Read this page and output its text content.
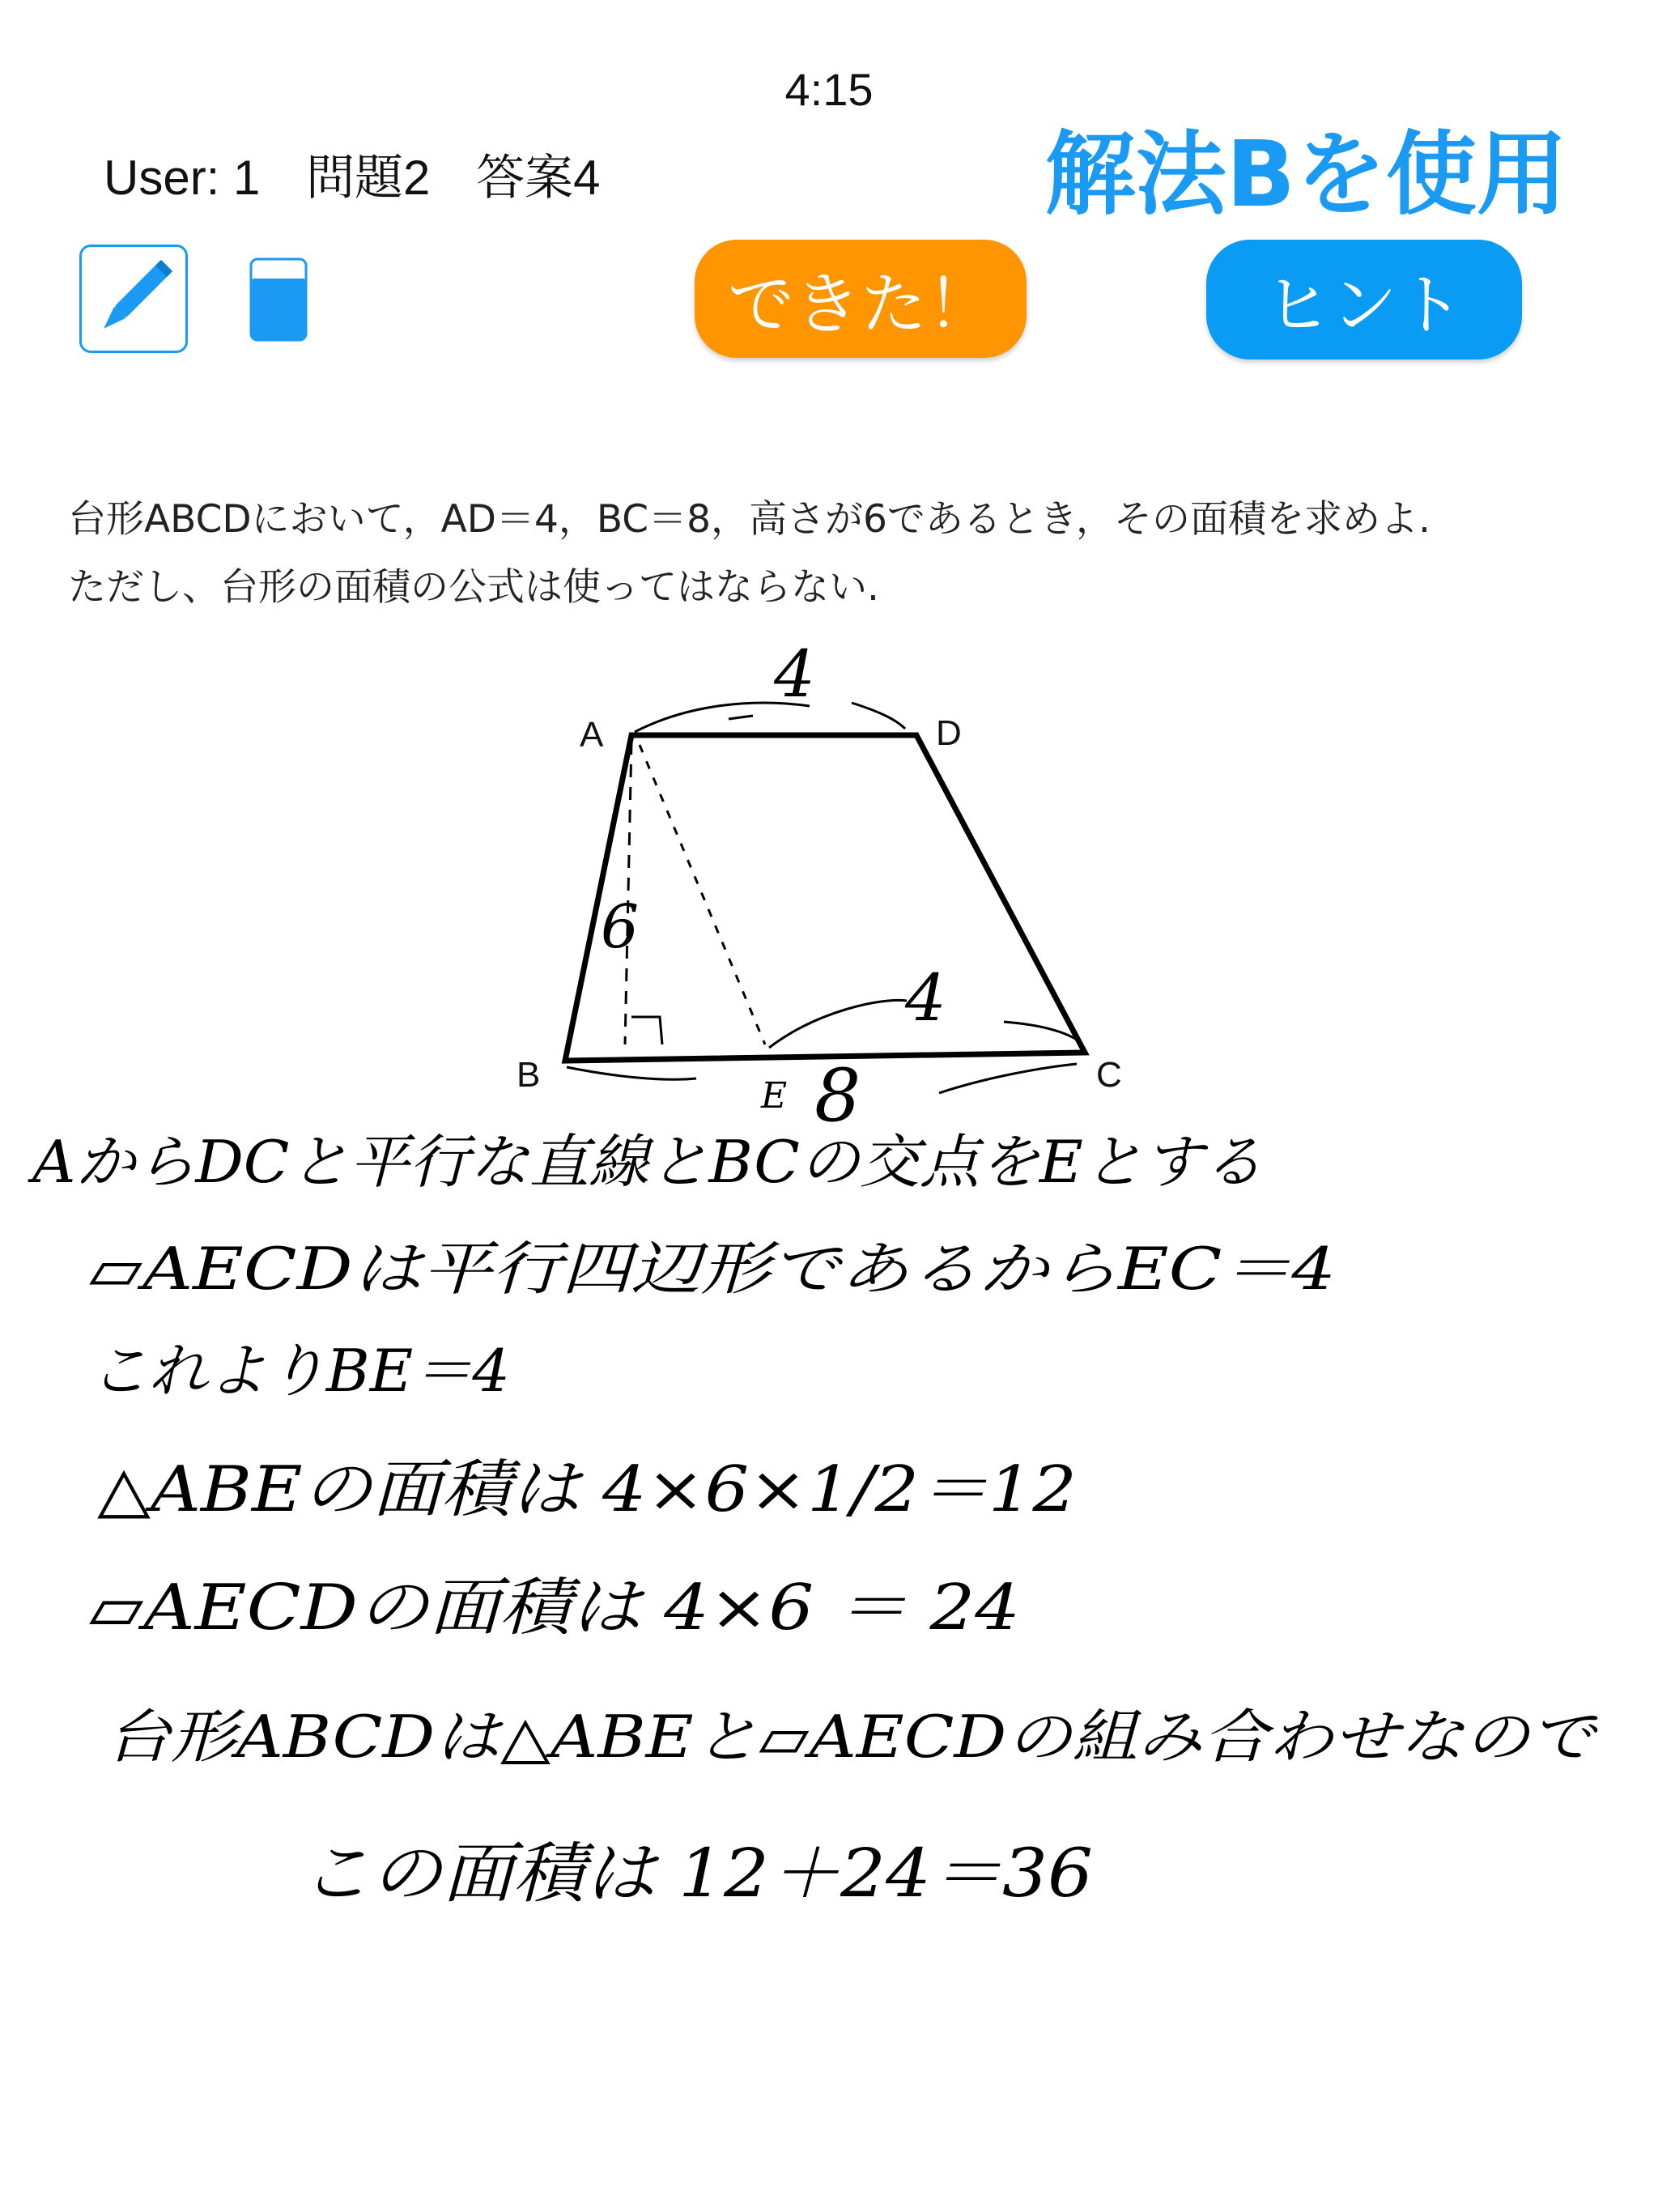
4:15
User: 1 問題2 答案4	解法Bを使用
できた！	ヒント
台形ABCDにおいて，AD＝4，BC＝8，高さが6であるとき，その面積を求めよ.
ただし、台形の面積の公式は使ってはならない.
A	D
B	C
4
6
4
E 8
AからDCと平行な直線とBCの交点をEとする
▱AECDは平行四辺形であるからEC＝4
これよりBE＝4
△ABEの面積は 4×6×1/2＝12
▱AECDの面積は 4×6 ＝ 24
台形ABCDは△ABEと▱AECDの組み合わせなので
この面積は 12＋24＝36
